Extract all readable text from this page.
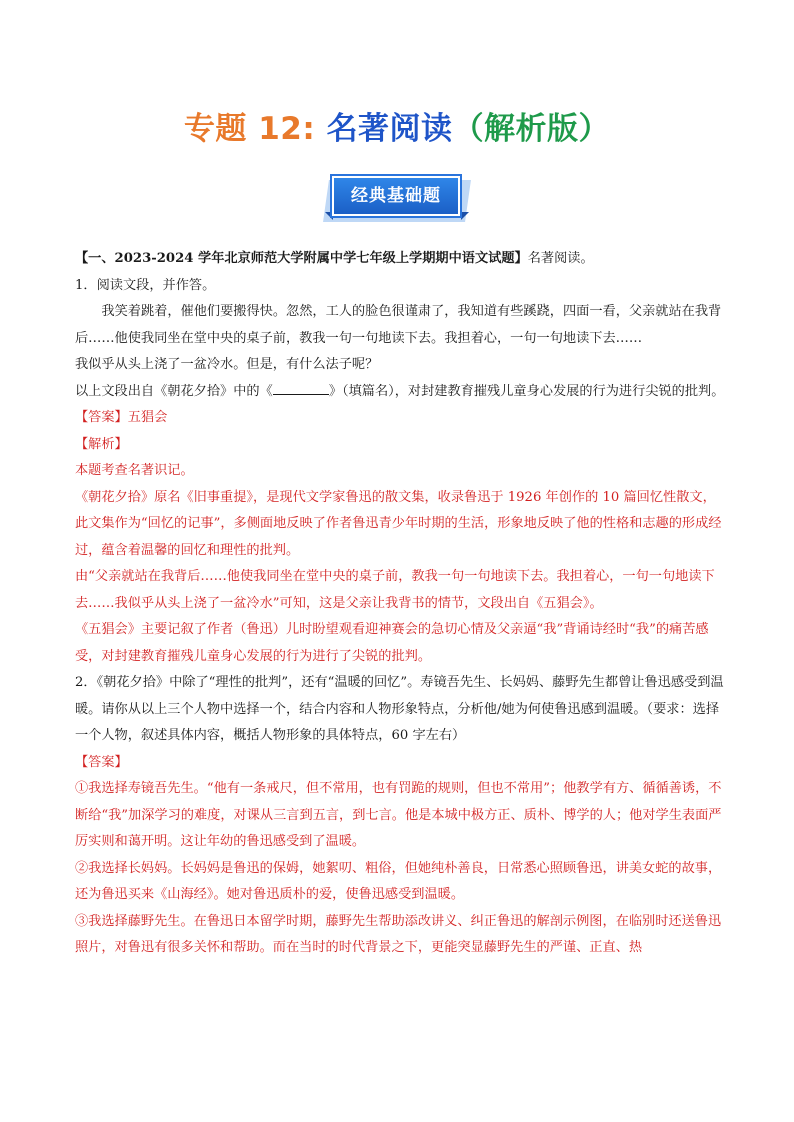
专题 12: 名著阅读（解析版）
经典基础题

【一、2023-2024 学年北京师范大学附属中学七年级上学期期中语文试题】名著阅读。

1．阅读文段，并作答。

我笑着跳着，催他们要搬得快。忽然，工人的脸色很谨肃了，我知道有些蹊跷，四面一看，父亲就站在我背后……他使我同坐在堂中央的桌子前，教我一句一句地读下去。我担着心，一句一句地读下去……

我似乎从头上浇了一盆冷水。但是，有什么法子呢？

以上文段出自《朝花夕拾》中的《	》（填篇名），对封建教育摧残儿童身心发展的行为进行尖锐的批判。

【答案】五猖会

【解析】

本题考查名著识记。

《朝花夕拾》原名《旧事重提》，是现代文学家鲁迅的散文集，收录鲁迅于 1926 年创作的 10 篇回忆性散文，此文集作为“回忆的记事”，多侧面地反映了作者鲁迅青少年时期的生活，形象地反映了他的性格和志趣的形成经过，蕴含着温馨的回忆和理性的批判。

由“父亲就站在我背后……他使我同坐在堂中央的桌子前，教我一句一句地读下去。我担着心，一句一句地读下去……我似乎从头上浇了一盆冷水”可知，这是父亲让我背书的情节，文段出自《五猖会》。

《五猖会》主要记叙了作者（鲁迅）儿时盼望观看迎神赛会的急切心情及父亲逼“我”背诵诗经时“我”的痛苦感受，对封建教育摧残儿童身心发展的行为进行了尖锐的批判。

2．《朝花夕拾》中除了“理性的批判”，还有“温暖的回忆”。寿镜吾先生、长妈妈、藤野先生都曾让鲁迅感受到温暖。请你从以上三个人物中选择一个，结合内容和人物形象特点，分析他/她为何使鲁迅感到温暖。（要求：选择一个人物，叙述具体内容，概括人物形象的具体特点，60 字左右）

【答案】

①我选择寿镜吾先生。“他有一条戒尺，但不常用，也有罚跪的规则，但也不常用”；他教学有方、循循善诱，不断给“我”加深学习的难度，对课从三言到五言，到七言。他是本城中极方正、质朴、博学的人；他对学生表面严厉实则和蔼开明。这让年幼的鲁迅感受到了温暖。

②我选择长妈妈。长妈妈是鲁迅的保姆，她絮叨、粗俗，但她纯朴善良，日常悉心照顾鲁迅，讲美女蛇的故事，还为鲁迅买来《山海经》。她对鲁迅质朴的爱，使鲁迅感受到温暖。

③我选择藤野先生。在鲁迅日本留学时期，藤野先生帮助添改讲义、纠正鲁迅的解剖示例图，在临别时还送鲁迅照片，对鲁迅有很多关怀和帮助。而在当时的时代背景之下，更能突显藤野先生的严谨、正直、热
